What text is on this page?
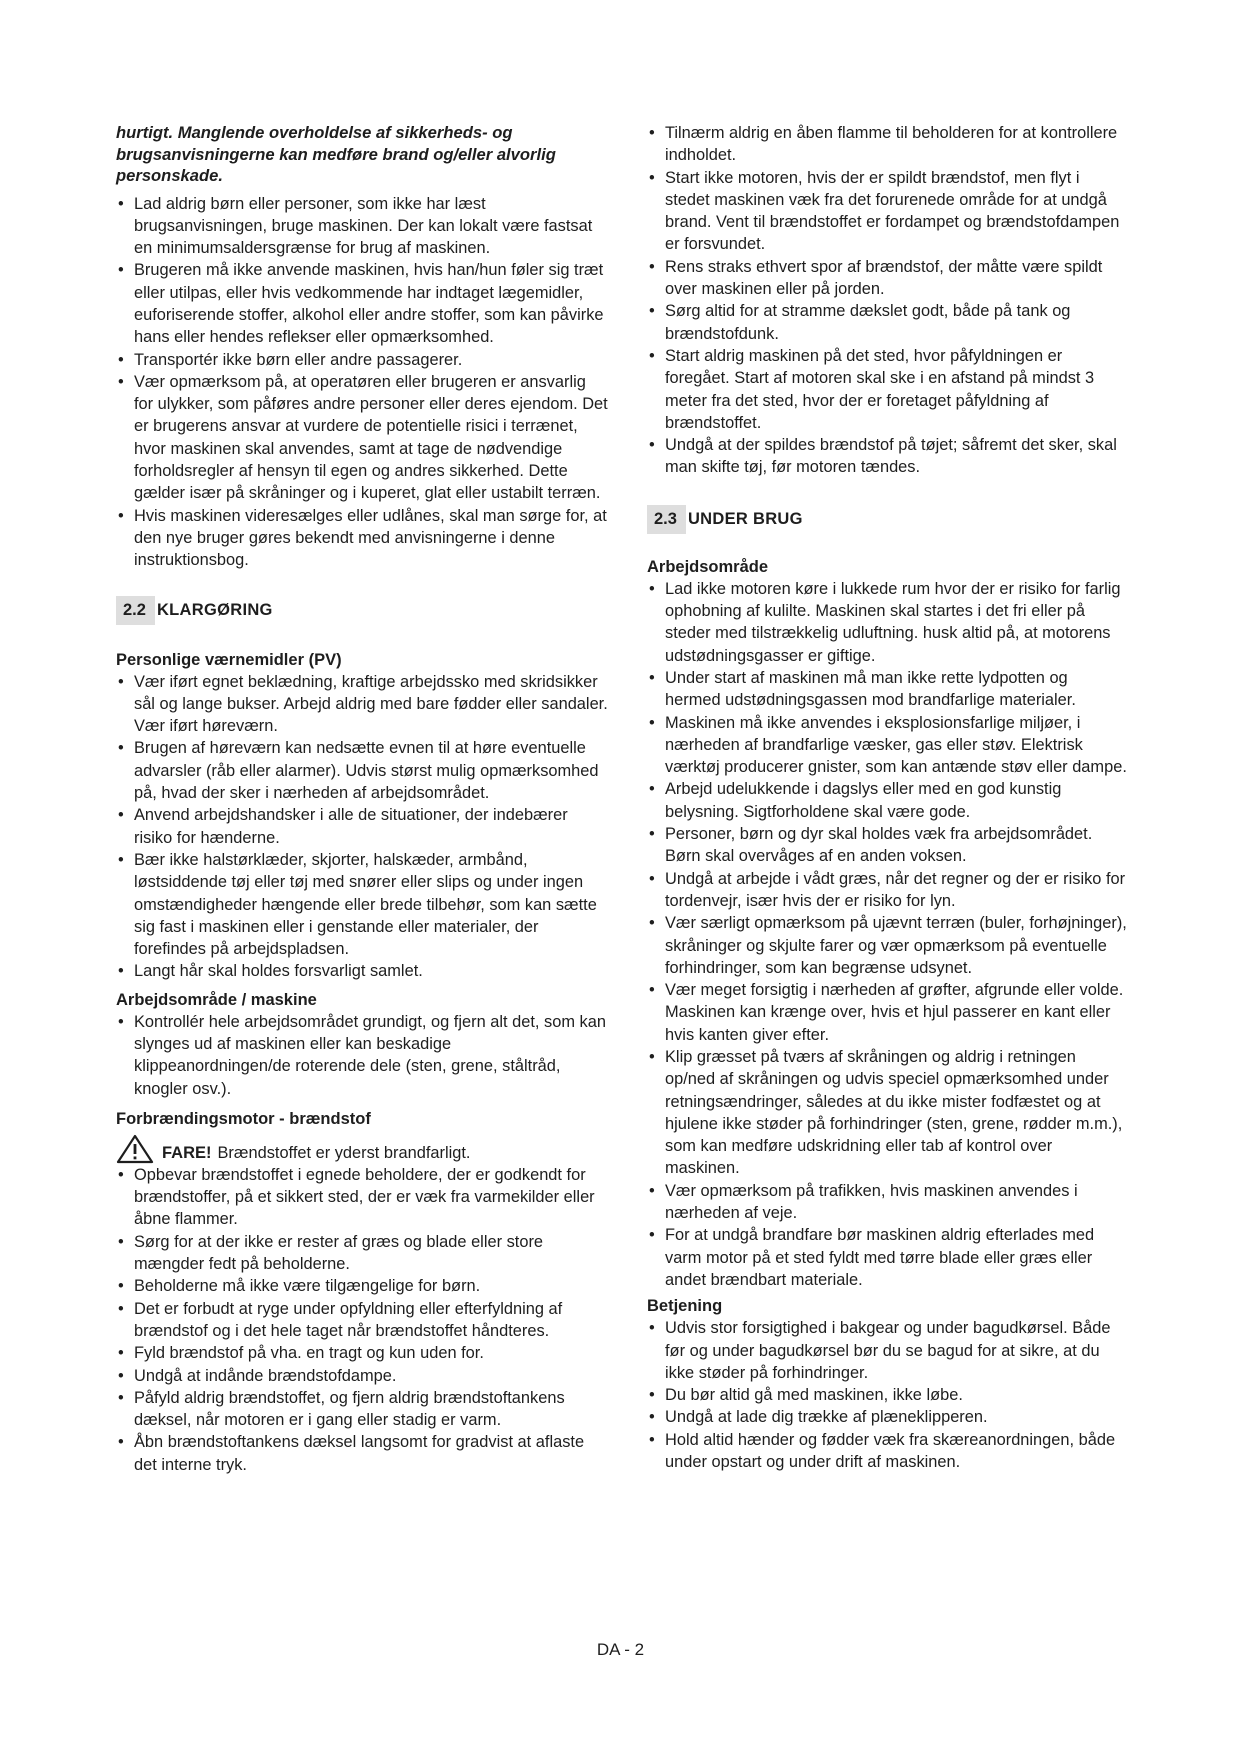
hurtigt. Manglende overholdelse af sikkerheds- og brugsanvisningerne kan medføre brand og/eller alvorlig personskade.

• Lad aldrig børn eller personer, som ikke har læst brugsanvisningen, bruge maskinen. Der kan lokalt være fastsat en minimumsaldersgrænse for brug af maskinen.
• Brugeren må ikke anvende maskinen, hvis han/hun føler sig træt eller utilpas, eller hvis vedkommende har indtaget lægemidler, euforiserende stoffer, alkohol eller andre stoffer, som kan påvirke hans eller hendes reflekser eller opmærksomhed.
• Transportér ikke børn eller andre passagerer.
• Vær opmærksom på, at operatøren eller brugeren er ansvarlig for ulykker, som påføres andre personer eller deres ejendom. Det er brugerens ansvar at vurdere de potentielle risici i terrænet, hvor maskinen skal anvendes, samt at tage de nødvendige forholdsregler af hensyn til egen og andres sikkerhed. Dette gælder især på skråninger og i kuperet, glat eller ustabilt terræn.
• Hvis maskinen videresælges eller udlånes, skal man sørge for, at den nye bruger gøres bekendt med anvisningerne i denne instruktionsbog.
2.2 KLARGØRING

Personlige værnemidler (PV)

• Vær iført egnet beklædning, kraftige arbejdssko med skridsikker sål og lange bukser. Arbejd aldrig med bare fødder eller sandaler. Vær iført høreværn.
• Brugen af høreværn kan nedsætte evnen til at høre eventuelle advarsler (råb eller alarmer). Udvis størst mulig opmærksomhed på, hvad der sker i nærheden af arbejdsområdet.
• Anvend arbejdshandsker i alle de situationer, der indebærer risiko for hænderne.
• Bær ikke halstørklæder, skjorter, halskæder, armbånd, løstsiddende tøj eller tøj med snører eller slips og under ingen omstændigheder hængende eller brede tilbehør, som kan sætte sig fast i maskinen eller i genstande eller materialer, der forefindes på arbejdspladsen.
• Langt hår skal holdes forsvarligt samlet.

Arbejdsområde / maskine

• Kontrollér hele arbejdsområdet grundigt, og fjern alt det, som kan slynges ud af maskinen eller kan beskadige klippeanordningen/de roterende dele (sten, grene, ståltråd, knogler osv.).

Forbrændingsmotor - brændstof

FARE! Brændstoffet er yderst brandfarligt.
• Opbevar brændstoffet i egnede beholdere, der er godkendt for brændstoffer, på et sikkert sted, der er væk fra varmekilder eller åbne flammer.
• Sørg for at der ikke er rester af græs og blade eller store mængder fedt på beholderne.
• Beholderne må ikke være tilgængelige for børn.
• Det er forbudt at ryge under opfyldning eller efterfyldning af brændstof og i det hele taget når brændstoffet håndteres.
• Fyld brændstof på vha. en tragt og kun uden for.
• Undgå at indånde brændstofdampe.
• Påfyld aldrig brændstoffet, og fjern aldrig brændstoftankens dæksel, når motoren er i gang eller stadig er varm.
• Åbn brændstoftankens dæksel langsomt for gradvist at aflaste det interne tryk.
• Tilnærm aldrig en åben flamme til beholderen for at kontrollere indholdet.
• Start ikke motoren, hvis der er spildt brændstof, men flyt i stedet maskinen væk fra det forurenede område for at undgå brand. Vent til brændstoffet er fordampet og brændstofdampen er forsvundet.
• Rens straks ethvert spor af brændstof, der måtte være spildt over maskinen eller på jorden.
• Sørg altid for at stramme dækslet godt, både på tank og brændstofdunk.
• Start aldrig maskinen på det sted, hvor påfyldningen er foregået. Start af motoren skal ske i en afstand på mindst 3 meter fra det sted, hvor der er foretaget påfyldning af brændstoffet.
• Undgå at der spildes brændstof på tøjet; såfremt det sker, skal man skifte tøj, før motoren tændes.
2.3 UNDER BRUG

Arbejdsområde

• Lad ikke motoren køre i lukkede rum hvor der er risiko for farlig ophobning af kulilte. Maskinen skal startes i det fri eller på steder med tilstrækkelig udluftning. husk altid på, at motorens udstødningsgasser er giftige.
• Under start af maskinen må man ikke rette lydpotten og hermed udstødningsgassen mod brandfarlige materialer.
• Maskinen må ikke anvendes i eksplosionsfarlige miljøer, i nærheden af brandfarlige væsker, gas eller støv. Elektrisk værktøj producerer gnister, som kan antænde støv eller dampe.
• Arbejd udelukkende i dagslys eller med en god kunstig belysning. Sigtforholdene skal være gode.
• Personer, børn og dyr skal holdes væk fra arbejdsområdet. Børn skal overvåges af en anden voksen.
• Undgå at arbejde i vådt græs, når det regner og der er risiko for tordenvejr, især hvis der er risiko for lyn.
• Vær særligt opmærksom på ujævnt terræn (buler, forhøjninger), skråninger og skjulte farer og vær opmærksom på eventuelle forhindringer, som kan begrænse udsynet.
• Vær meget forsigtig i nærheden af grøfter, afgrunde eller volde. Maskinen kan krænge over, hvis et hjul passerer en kant eller hvis kanten giver efter.
• Klip græsset på tværs af skråningen og aldrig i retningen op/ned af skråningen og udvis speciel opmærksomhed under retningsændringer, således at du ikke mister fodfæstet og at hjulene ikke støder på forhindringer (sten, grene, rødder m.m.), som kan medføre udskridning eller tab af kontrol over maskinen.
• Vær opmærksom på trafikken, hvis maskinen anvendes i nærheden af veje.
• For at undgå brandfare bør maskinen aldrig efterlades med varm motor på et sted fyldt med tørre blade eller græs eller andet brændbart materiale.

Betjening

• Udvis stor forsigtighed i bakgear og under bagudkørsel. Både før og under bagudkørsel bør du se bagud for at sikre, at du ikke støder på forhindringer.
• Du bør altid gå med maskinen, ikke løbe.
• Undgå at lade dig trække af plæneklipperen.
• Hold altid hænder og fødder væk fra skæreanordningen, både under opstart og under drift af maskinen.
DA - 2
